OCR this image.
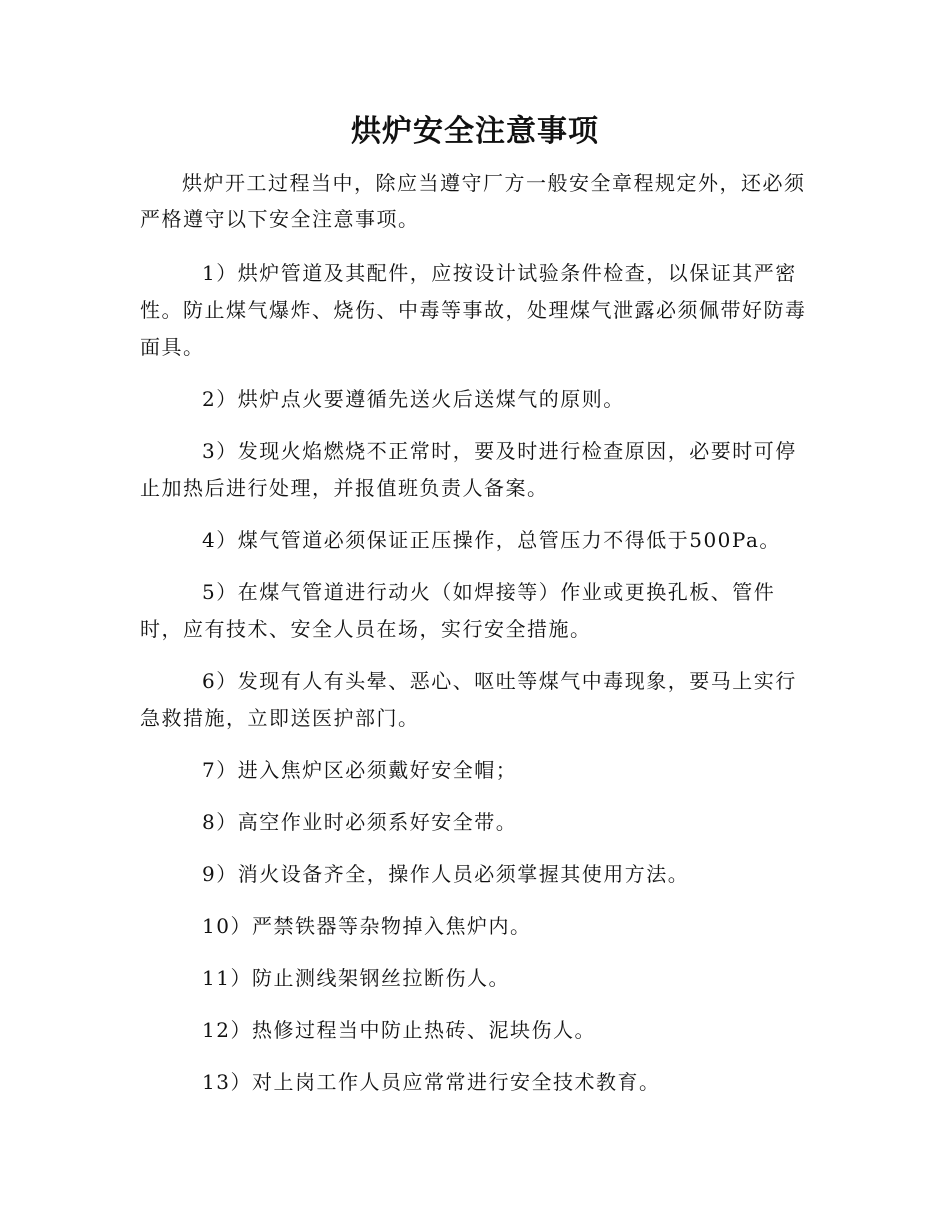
烘炉安全注意事项

烘炉开工过程当中，除应当遵守厂方一般安全章程规定外，还必须严格遵守以下安全注意事项。

1）烘炉管道及其配件，应按设计试验条件检查，以保证其严密性。防止煤气爆炸、烧伤、中毒等事故，处理煤气泄露必须佩带好防毒面具。

2）烘炉点火要遵循先送火后送煤气的原则。

3）发现火焰燃烧不正常时，要及时进行检查原因，必要时可停止加热后进行处理，并报值班负责人备案。

4）煤气管道必须保证正压操作，总管压力不得低于500Pa。

5）在煤气管道进行动火（如焊接等）作业或更换孔板、管件时，应有技术、安全人员在场，实行安全措施。

6）发现有人有头晕、恶心、呕吐等煤气中毒现象，要马上实行急救措施，立即送医护部门。

7）进入焦炉区必须戴好安全帽；

8）高空作业时必须系好安全带。

9）消火设备齐全，操作人员必须掌握其使用方法。

10）严禁铁器等杂物掉入焦炉内。

11）防止测线架钢丝拉断伤人。

12）热修过程当中防止热砖、泥块伤人。

13）对上岗工作人员应常常进行安全技术教育。
